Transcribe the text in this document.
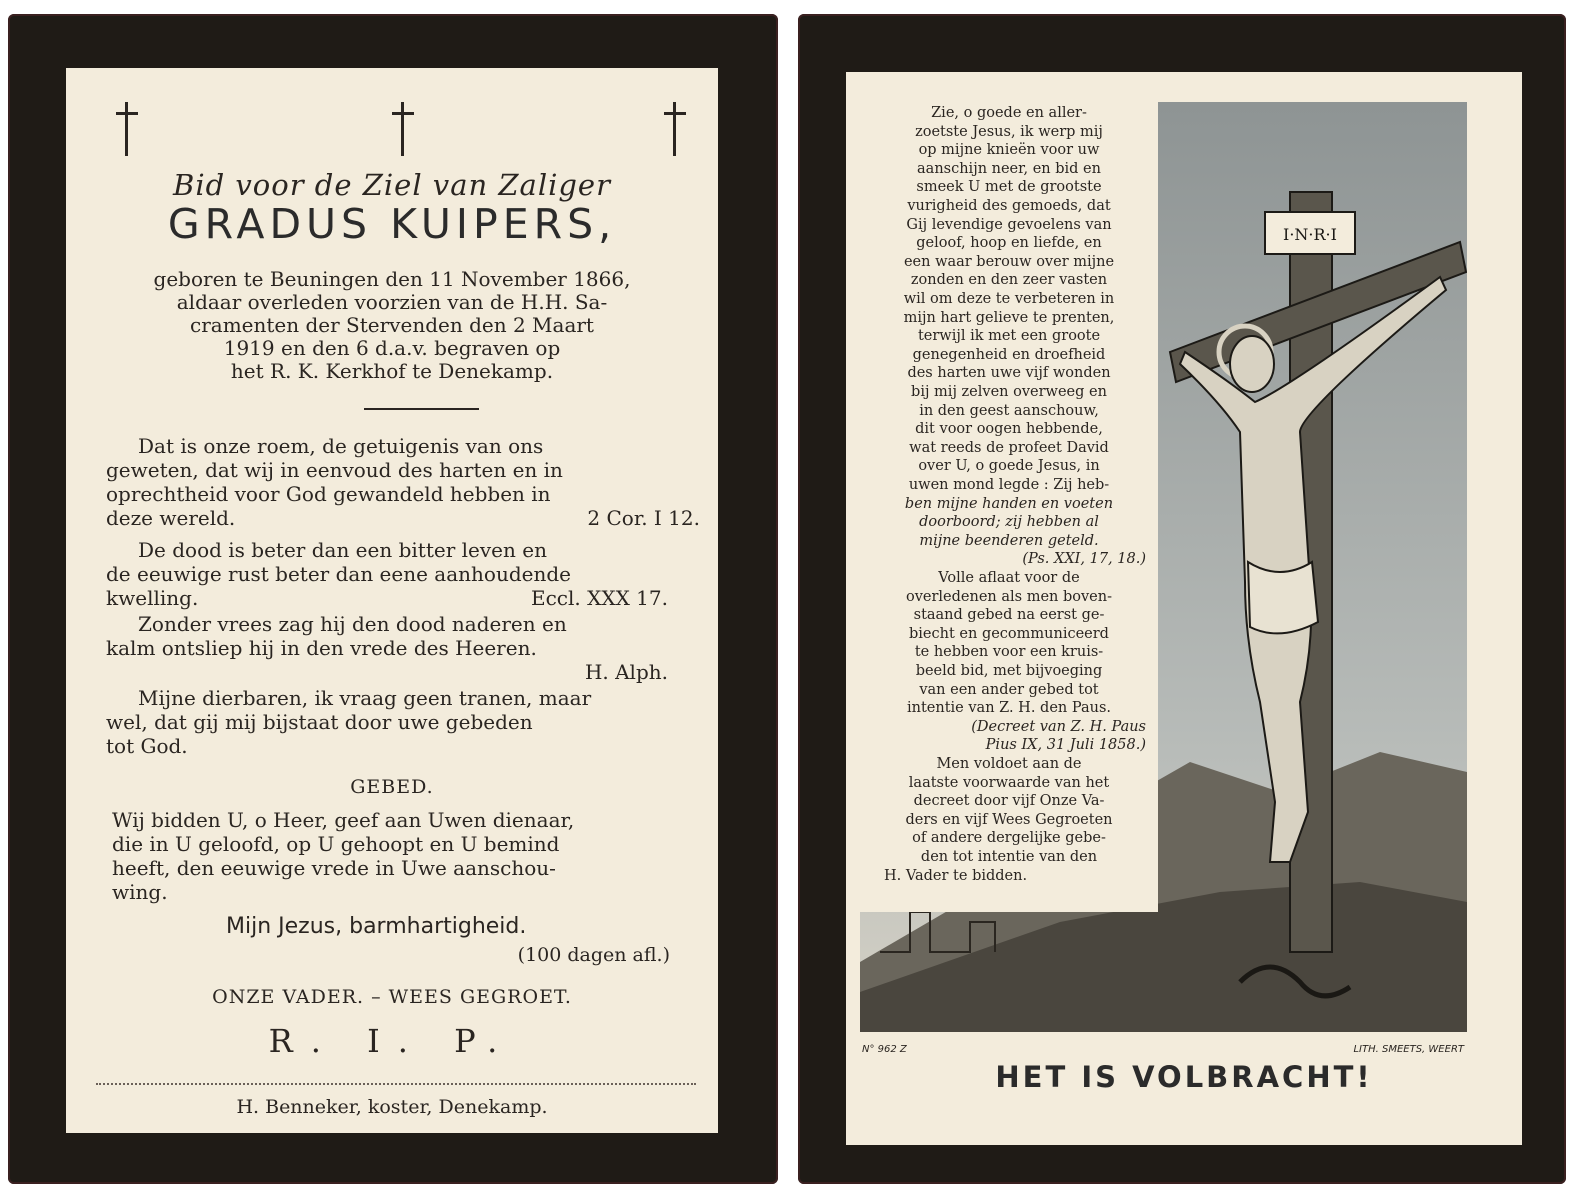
Bid voor de Ziel van Zaliger
GRADUS KUIPERS,
geboren te Beuningen den 11 November 1866,
aldaar overleden voorzien van de H.H. Sa-
cramenten der Stervenden den 2 Maart
1919 en den 6 d.a.v. begraven op
het R. K. Kerkhof te Denekamp.
Dat is onze roem, de getuigenis van ons
geweten, dat wij in eenvoud des harten en in
oprechtheid voor God gewandeld hebben in
deze wereld.	2 Cor. I 12.
De dood is beter dan een bitter leven en
de eeuwige rust beter dan eene aanhoudende
kwelling.	Eccl. XXX 17.
Zonder vrees zag hij den dood naderen en
kalm ontsliep hij in den vrede des Heeren.
H. Alph.
Mijne dierbaren, ik vraag geen tranen, maar
wel, dat gij mij bijstaat door uwe gebeden
tot God.
GEBED.
Wij bidden U, o Heer, geef aan Uwen dienaar,
die in U geloofd, op U gehoopt en U bemind
heeft, den eeuwige vrede in Uwe aanschou-
wing.
Mijn Jezus, barmhartigheid.
(100 dagen afl.)
ONZE VADER. – WEES GEGROET.
R. I. P.
H. Benneker, koster, Denekamp.
I·N·R·I
Zie, o goede en aller-
zoetste Jesus, ik werp mij
op mijne knieën voor uw
aanschijn neer, en bid en
smeek U met de grootste
vurigheid des gemoeds, dat
Gij levendige gevoelens van
geloof, hoop en liefde, en
een waar berouw over mijne
zonden en den zeer vasten
wil om deze te verbeteren in
mijn hart gelieve te prenten,
terwijl ik met een groote
genegenheid en droefheid
des harten uwe vijf wonden
bij mij zelven overweeg en
in den geest aanschouw,
dit voor oogen hebbende,
wat reeds de profeet David
over U, o goede Jesus, in
uwen mond legde : Zij heb-
ben mijne handen en voeten
doorboord; zij hebben al
mijne beenderen geteld.
(Ps. XXI, 17, 18.)
Volle aflaat voor de
overledenen als men boven-
staand gebed na eerst ge-
biecht en gecommuniceerd
te hebben voor een kruis-
beeld bid, met bijvoeging
van een ander gebed tot
intentie van Z. H. den Paus.
(Decreet van Z. H. Paus
Pius IX, 31 Juli 1858.)
Men voldoet aan de
laatste voorwaarde van het
decreet door vijf Onze Va-
ders en vijf Wees Gegroeten
of andere dergelijke gebe-
den tot intentie van den
H. Vader te bidden.
N° 962 Z	LITH. SMEETS, WEERT
HET IS VOLBRACHT!
